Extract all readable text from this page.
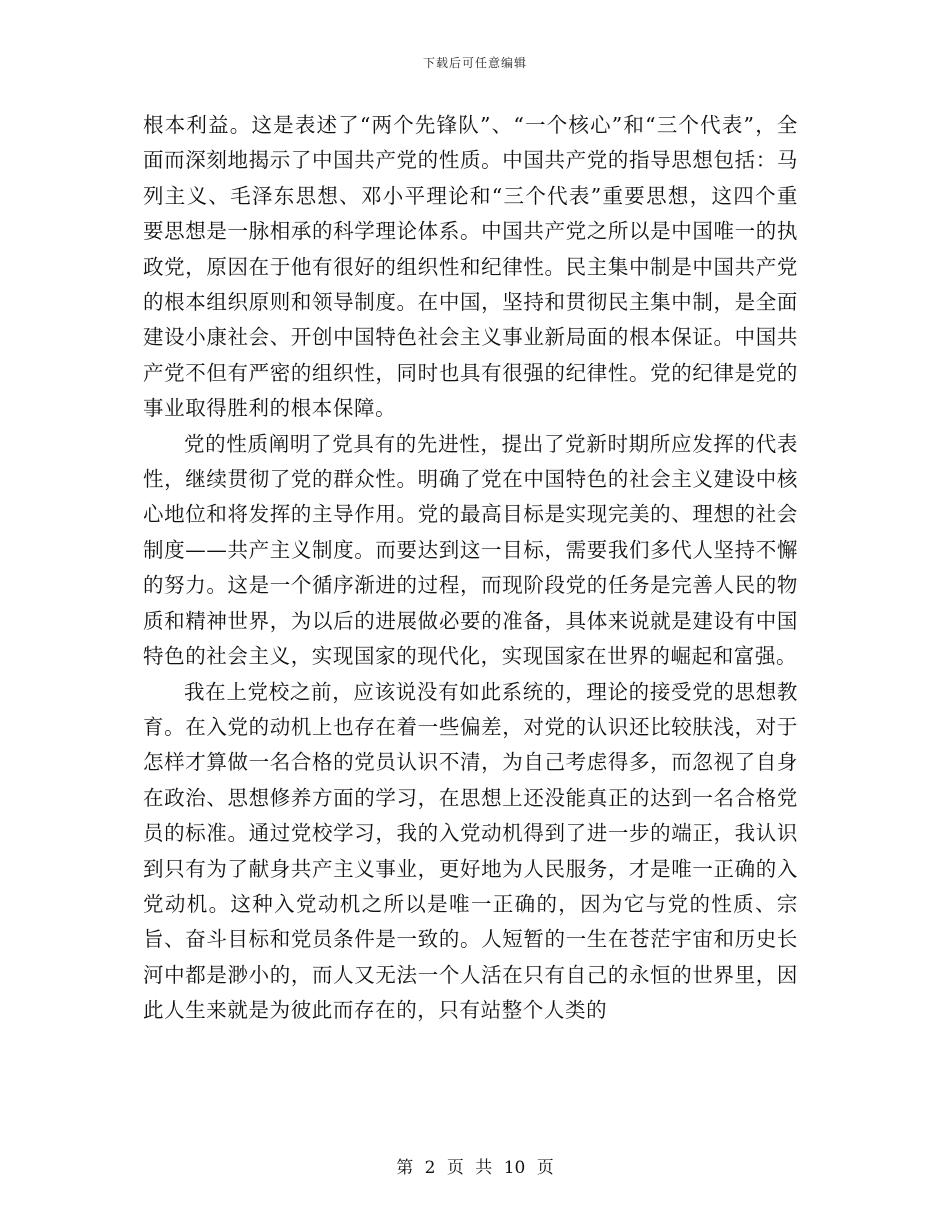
下载后可任意编辑

根本利益。这是表述了“两个先锋队”、“一个核心”和“三个代表”，全面而深刻地揭示了中国共产党的性质。中国共产党的指导思想包括：马列主义、毛泽东思想、邓小平理论和“三个代表”重要思想，这四个重要思想是一脉相承的科学理论体系。中国共产党之所以是中国唯一的执政党，原因在于他有很好的组织性和纪律性。民主集中制是中国共产党的根本组织原则和领导制度。在中国，坚持和贯彻民主集中制，是全面建设小康社会、开创中国特色社会主义事业新局面的根本保证。中国共产党不但有严密的组织性，同时也具有很强的纪律性。党的纪律是党的事业取得胜利的根本保障。

党的性质阐明了党具有的先进性，提出了党新时期所应发挥的代表性，继续贯彻了党的群众性。明确了党在中国特色的社会主义建设中核心地位和将发挥的主导作用。党的最高目标是实现完美的、理想的社会制度——共产主义制度。而要达到这一目标，需要我们多代人坚持不懈的努力。这是一个循序渐进的过程，而现阶段党的任务是完善人民的物质和精神世界，为以后的进展做必要的准备，具体来说就是建设有中国特色的社会主义，实现国家的现代化，实现国家在世界的崛起和富强。

我在上党校之前，应该说没有如此系统的，理论的接受党的思想教育。在入党的动机上也存在着一些偏差，对党的认识还比较肤浅，对于怎样才算做一名合格的党员认识不清，为自己考虑得多，而忽视了自身在政治、思想修养方面的学习，在思想上还没能真正的达到一名合格党员的标准。通过党校学习，我的入党动机得到了进一步的端正，我认识到只有为了献身共产主义事业，更好地为人民服务，才是唯一正确的入党动机。这种入党动机之所以是唯一正确的，因为它与党的性质、宗旨、奋斗目标和党员条件是一致的。人短暂的一生在苍茫宇宙和历史长河中都是渺小的，而人又无法一个人活在只有自己的永恒的世界里，因此人生来就是为彼此而存在的，只有站整个人类的

第 2 页 共 10 页
